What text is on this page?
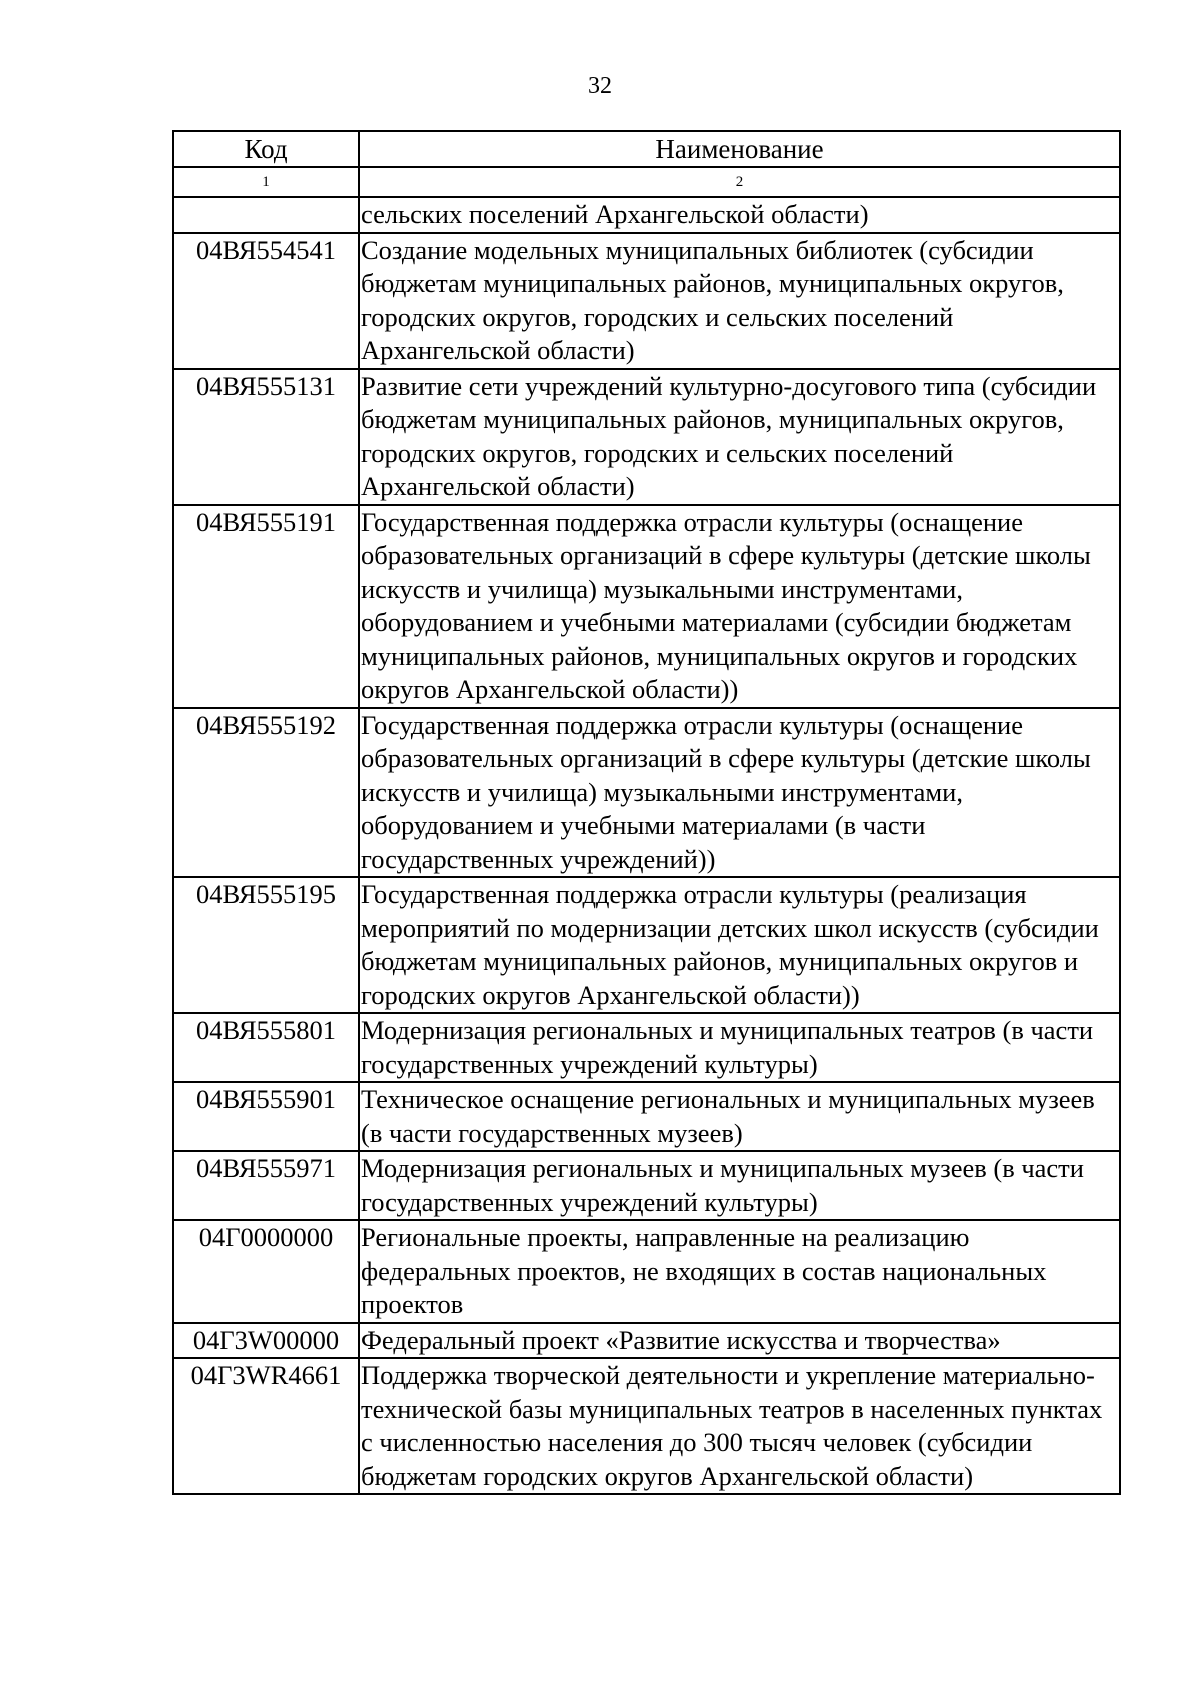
32
Код	Наименование
1	2
	сельских поселений Архангельской области)
04ВЯ554541	Создание модельных муниципальных библиотек (субсидии бюджетам муниципальных районов, муниципальных округов, городских округов, городских и сельских поселений Архангельской области)
04ВЯ555131	Развитие сети учреждений культурно-досугового типа (субсидии бюджетам муниципальных районов, муниципальных округов, городских округов, городских и сельских поселений Архангельской области)
04ВЯ555191	Государственная поддержка отрасли культуры (оснащение образовательных организаций в сфере культуры (детские школы искусств и училища) музыкальными инструментами, оборудованием и учебными материалами (субсидии бюджетам муниципальных районов, муниципальных округов и городских округов Архангельской области))
04ВЯ555192	Государственная поддержка отрасли культуры (оснащение образовательных организаций в сфере культуры (детские школы искусств и училища) музыкальными инструментами, оборудованием и учебными материалами (в части государственных учреждений))
04ВЯ555195	Государственная поддержка отрасли культуры (реализация мероприятий по модернизации детских школ искусств (субсидии бюджетам муниципальных районов, муниципальных округов и городских округов Архангельской области))
04ВЯ555801	Модернизация региональных и муниципальных театров (в части государственных учреждений культуры)
04ВЯ555901	Техническое оснащение региональных и муниципальных музеев (в части государственных музеев)
04ВЯ555971	Модернизация региональных и муниципальных музеев (в части государственных учреждений культуры)
04Г0000000	Региональные проекты, направленные на реализацию федеральных проектов, не входящих в состав национальных проектов
04Г3W00000	Федеральный проект «Развитие искусства и творчества»
04Г3WR4661	Поддержка творческой деятельности и укрепление материально-технической базы муниципальных театров в населенных пунктах с численностью населения до 300 тысяч человек (субсидии бюджетам городских округов Архангельской области)
